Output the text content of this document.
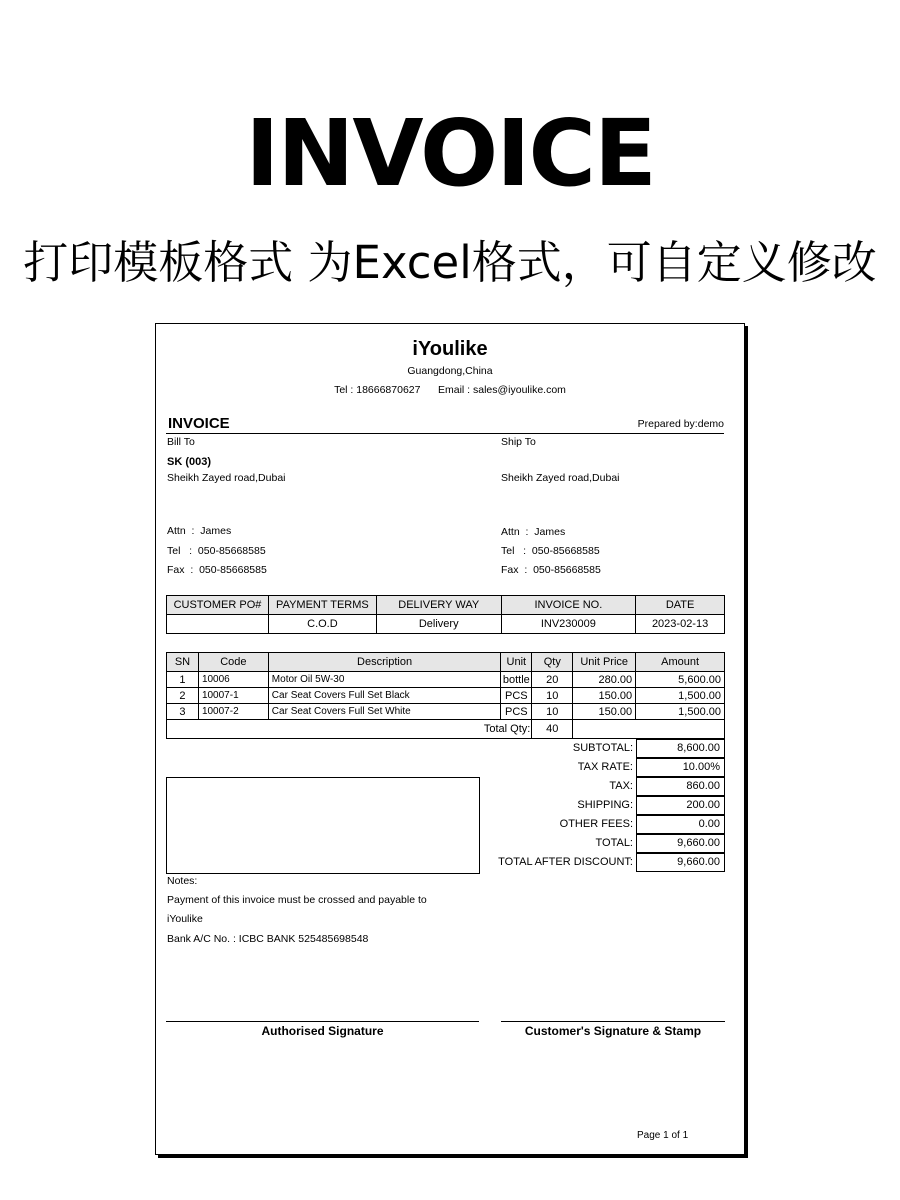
INVOICE
打印模板格式 为Excel格式，可自定义修改
iYoulike
Guangdong,China
Tel : 18666870627      Email : sales@iyoulike.com
INVOICE	Prepared by:demo
Bill To
SK (003)
Sheikh Zayed road,Dubai
Attn  :  James
Tel   :  050-85668585
Fax  :  050-85668585
Ship To
Sheikh Zayed road,Dubai
Attn  :  James
Tel   :  050-85668585
Fax  :  050-85668585
CUSTOMER PO#	PAYMENT TERMS	DELIVERY WAY	INVOICE NO.	DATE
	C.O.D	Delivery	INV230009	2023-02-13
SN	Code	Description	Unit	Qty	Unit Price	Amount
1	10006	Motor Oil 5W-30	bottle	20	280.00	5,600.00
2	10007-1	Car Seat Covers Full Set Black	PCS	10	150.00	1,500.00
3	10007-2	Car Seat Covers Full Set White	PCS	10	150.00	1,500.00
Total Qty:				40		
SUBTOTAL:	8,600.00
TAX RATE:	10.00%
TAX:	860.00
SHIPPING:	200.00
OTHER FEES:	0.00
TOTAL:	9,660.00
TOTAL AFTER DISCOUNT:	9,660.00
Notes:
Payment of this invoice must be crossed and payable to
iYoulike
Bank A/C No. : ICBC BANK 525485698548
Authorised Signature	Customer's Signature & Stamp
Page 1 of 1
